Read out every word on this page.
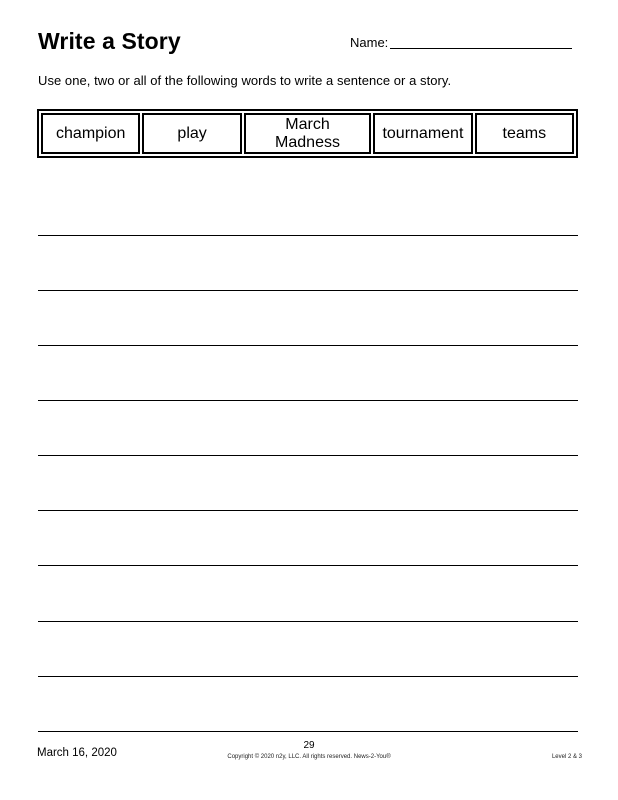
Write a Story	Name:
Use one, two or all of the following words to write a sentence or a story.
champion	play
March Madness
tournament	teams
March 16, 2020
29
Copyright © 2020 n2y, LLC. All rights reserved. News-2-You®	Level 2 & 3
